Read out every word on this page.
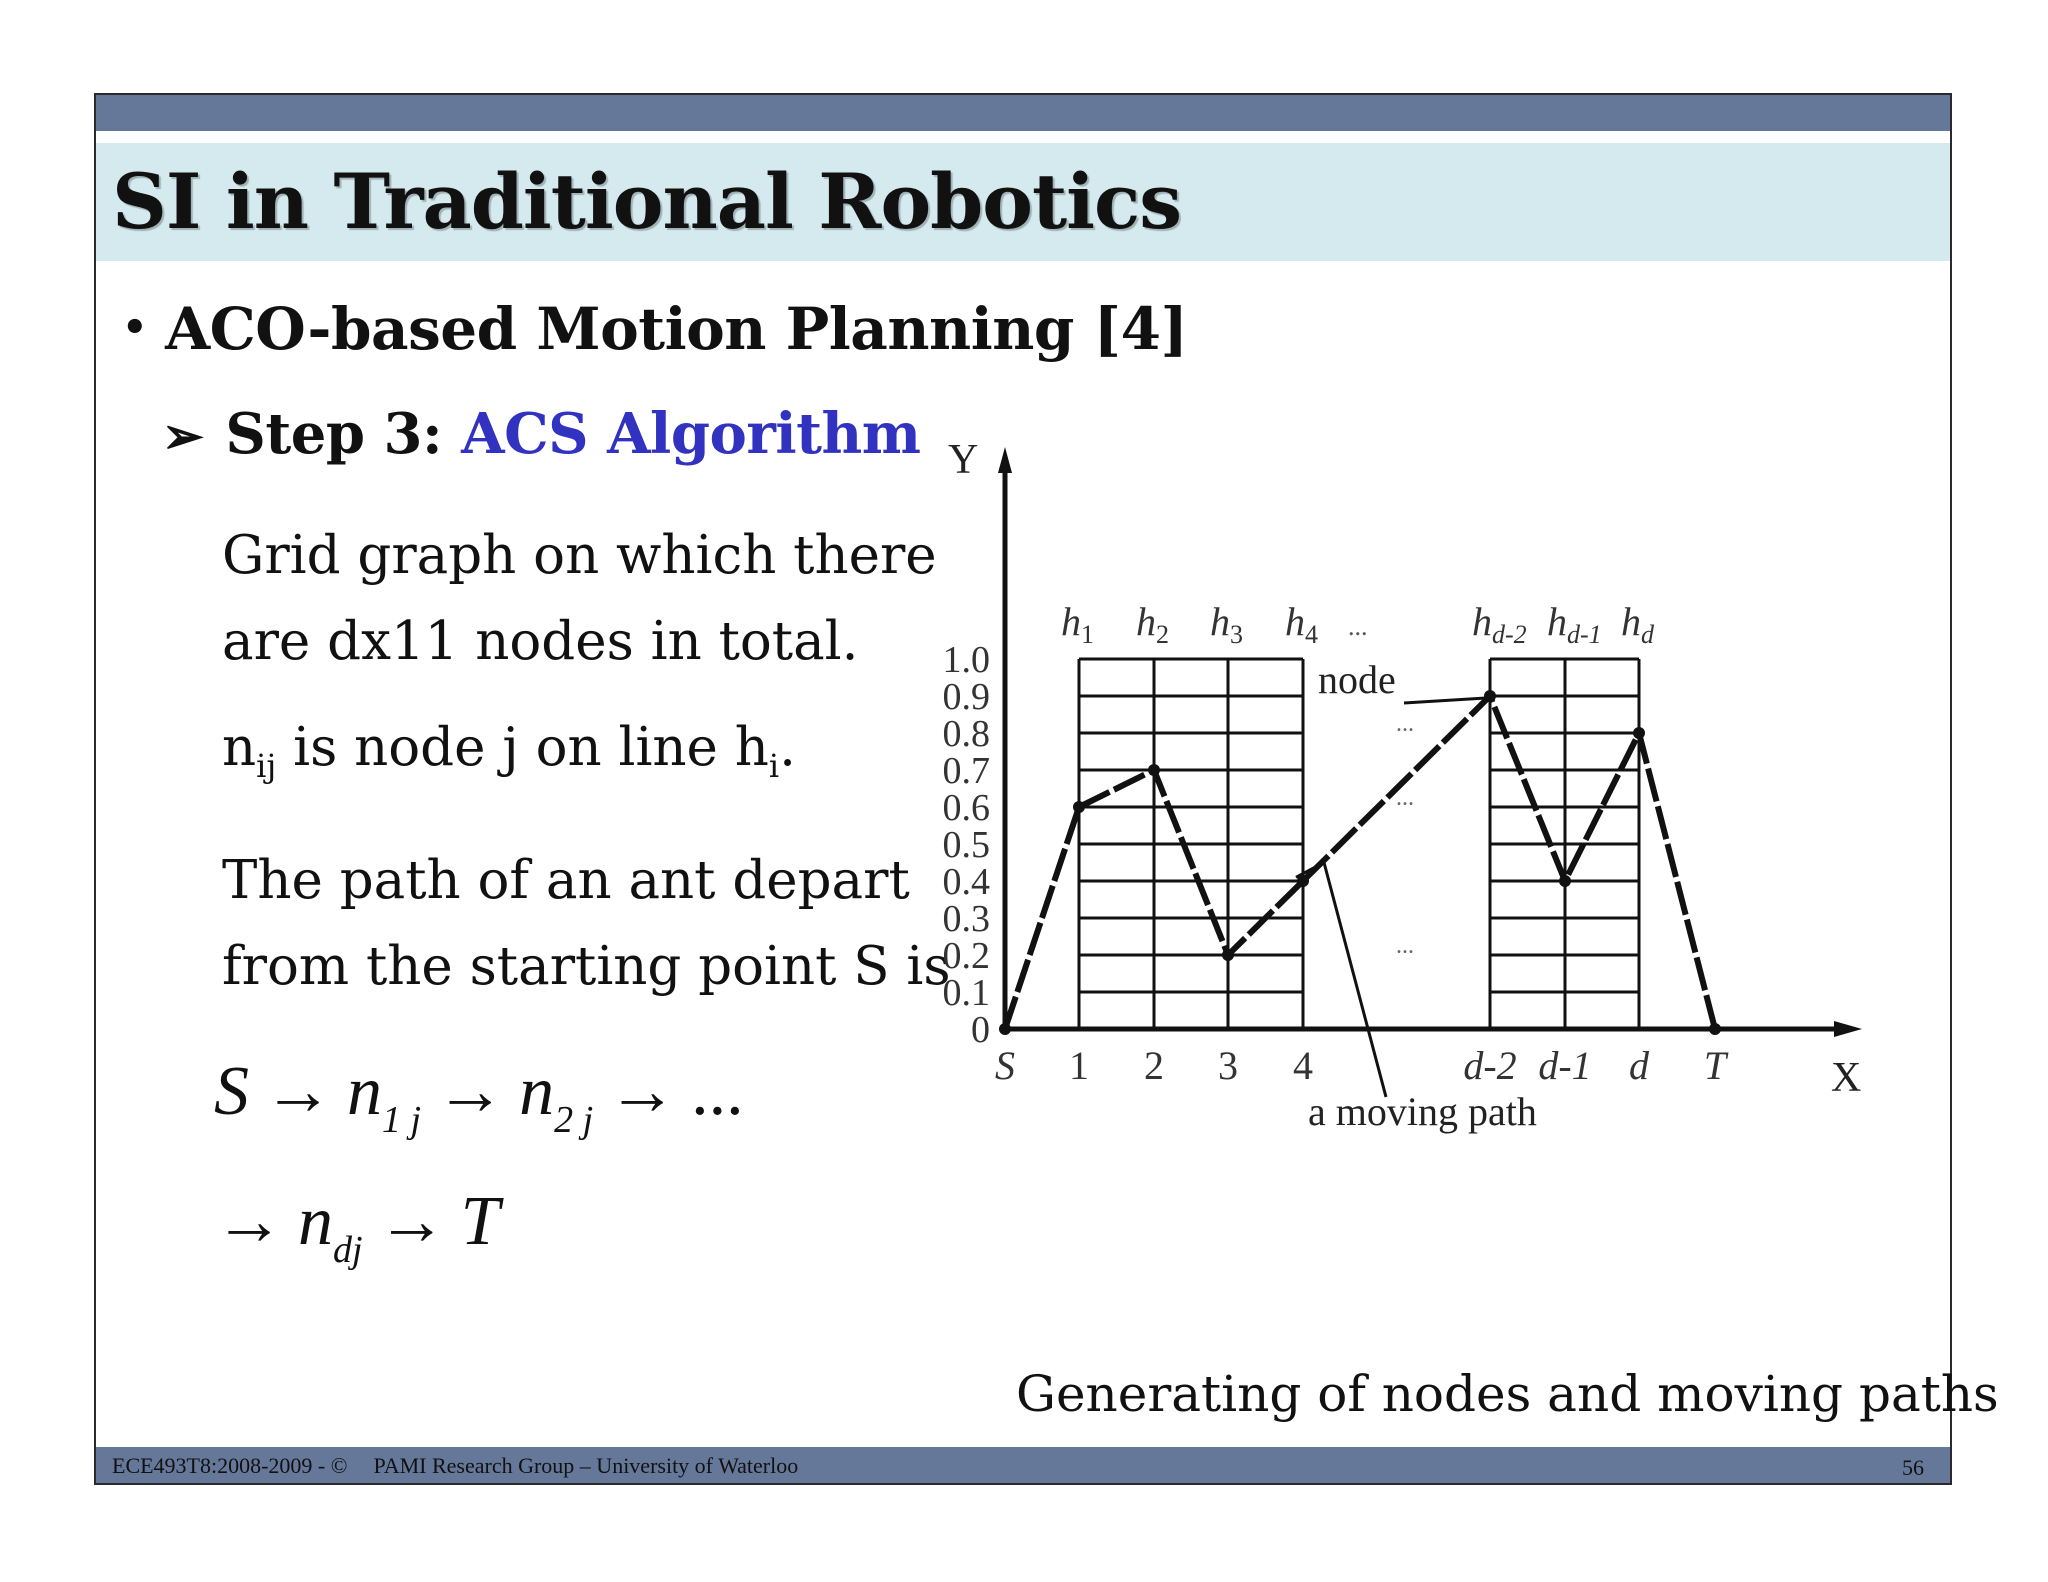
SI in Traditional Robotics
• ACO-based Motion Planning [4]
➢ Step 3: ACS Algorithm
Grid graph on which there
are dx11 nodes in total.
$n_{ij}$ is node j on line $h_i$.
The path of an ant depart
from the starting point S is
$S \to n_{1 j} \to n_{2 j}$ → ...
→ $n_{dj} \to T$
Y
X
1.0
0.9
0.8
0.7
0.6
0.5
0.4
0.3
0.2
0.1
0
S 1 2 3 4	d-2 d-1 d T
$h_1$ $h_2$ $h_3$ $h_4$	$h_{d-2}$ $h_{d-1}$ $h_d$
...
...
...
...
node
a moving path
Generating of nodes and moving paths
ECE493T8:2008-2009 - © PAMI Research Group – University of Waterloo	56
